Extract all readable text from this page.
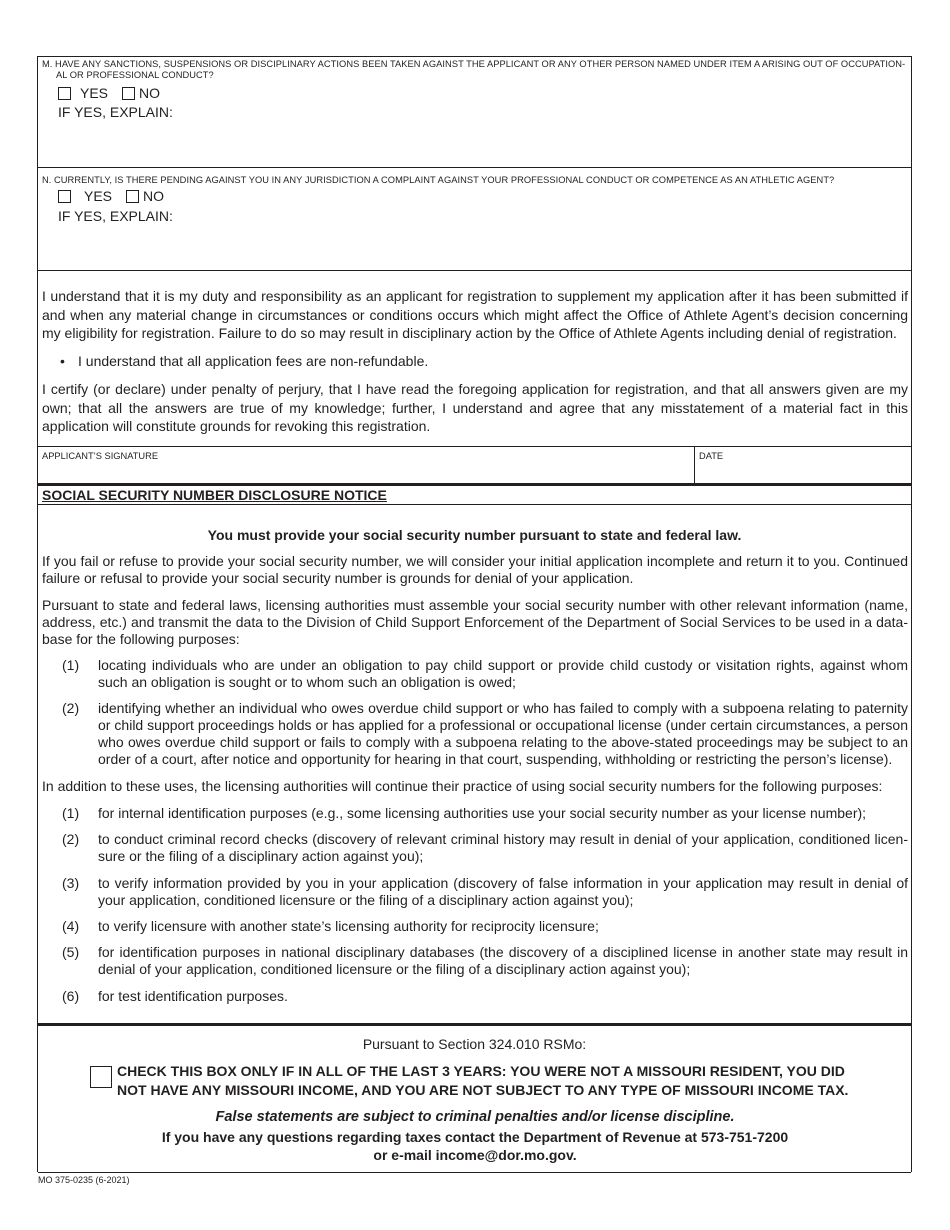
M. HAVE ANY SANCTIONS, SUSPENSIONS OR DISCIPLINARY ACTIONS BEEN TAKEN AGAINST THE APPLICANT OR ANY OTHER PERSON NAMED UNDER ITEM A ARISING OUT OF OCCUPATION-
AL OR PROFESSIONAL CONDUCT?
YES NO
IF YES, EXPLAIN:
N. CURRENTLY, IS THERE PENDING AGAINST YOU IN ANY JURISDICTION A COMPLAINT AGAINST YOUR PROFESSIONAL CONDUCT OR COMPETENCE AS AN ATHLETIC AGENT?
YES NO
IF YES, EXPLAIN:
I understand that it is my duty and responsibility as an applicant for registration to supplement my application after it has been submitted if and when any material change in circumstances or conditions occurs which might affect the Office of Athlete Agent’s decision concerning my eligibility for registration. Failure to do so may result in disciplinary action by the Office of Athlete Agents including denial of registration.
• I understand that all application fees are non-refundable.
I certify (or declare) under penalty of perjury, that I have read the foregoing application for registration, and that all answers given are my own; that all the answers are true of my knowledge; further, I understand and agree that any misstatement of a material fact in this application will constitute grounds for revoking this registration.
APPLICANT’S SIGNATURE	DATE
SOCIAL SECURITY NUMBER DISCLOSURE NOTICE
You must provide your social security number pursuant to state and federal law.
If you fail or refuse to provide your social security number, we will consider your initial application incomplete and return it to you. Continued failure or refusal to provide your social security number is grounds for denial of your application.
Pursuant to state and federal laws, licensing authorities must assemble your social security number with other relevant information (name, address, etc.) and transmit the data to the Division of Child Support Enforcement of the Department of Social Services to be used in a data-base for the following purposes:
(1)	locating individuals who are under an obligation to pay child support or provide child custody or visitation rights, against whom such an obligation is sought or to whom such an obligation is owed;
(2)	identifying whether an individual who owes overdue child support or who has failed to comply with a subpoena relating to paternity or child support proceedings holds or has applied for a professional or occupational license (under certain circumstances, a person who owes overdue child support or fails to comply with a subpoena relating to the above-stated proceedings may be subject to an order of a court, after notice and opportunity for hearing in that court, suspending, withholding or restricting the person’s license).
In addition to these uses, the licensing authorities will continue their practice of using social security numbers for the following purposes:
(1)	for internal identification purposes (e.g., some licensing authorities use your social security number as your license number);
(2)	to conduct criminal record checks (discovery of relevant criminal history may result in denial of your application, conditioned licen-sure or the filing of a disciplinary action against you);
(3)	to verify information provided by you in your application (discovery of false information in your application may result in denial of your application, conditioned licensure or the filing of a disciplinary action against you);
(4)	to verify licensure with another state’s licensing authority for reciprocity licensure;
(5)	for identification purposes in national disciplinary databases (the discovery of a disciplined license in another state may result in denial of your application, conditioned licensure or the filing of a disciplinary action against you);
(6)	for test identification purposes.
Pursuant to Section 324.010 RSMo:
CHECK THIS BOX ONLY IF IN ALL OF THE LAST 3 YEARS: YOU WERE NOT A MISSOURI RESIDENT, YOU DID NOT HAVE ANY MISSOURI INCOME, AND YOU ARE NOT SUBJECT TO ANY TYPE OF MISSOURI INCOME TAX.
False statements are subject to criminal penalties and/or license discipline.
If you have any questions regarding taxes contact the Department of Revenue at 573-751-7200
or e-mail income@dor.mo.gov.
MO 375-0235 (6-2021)
